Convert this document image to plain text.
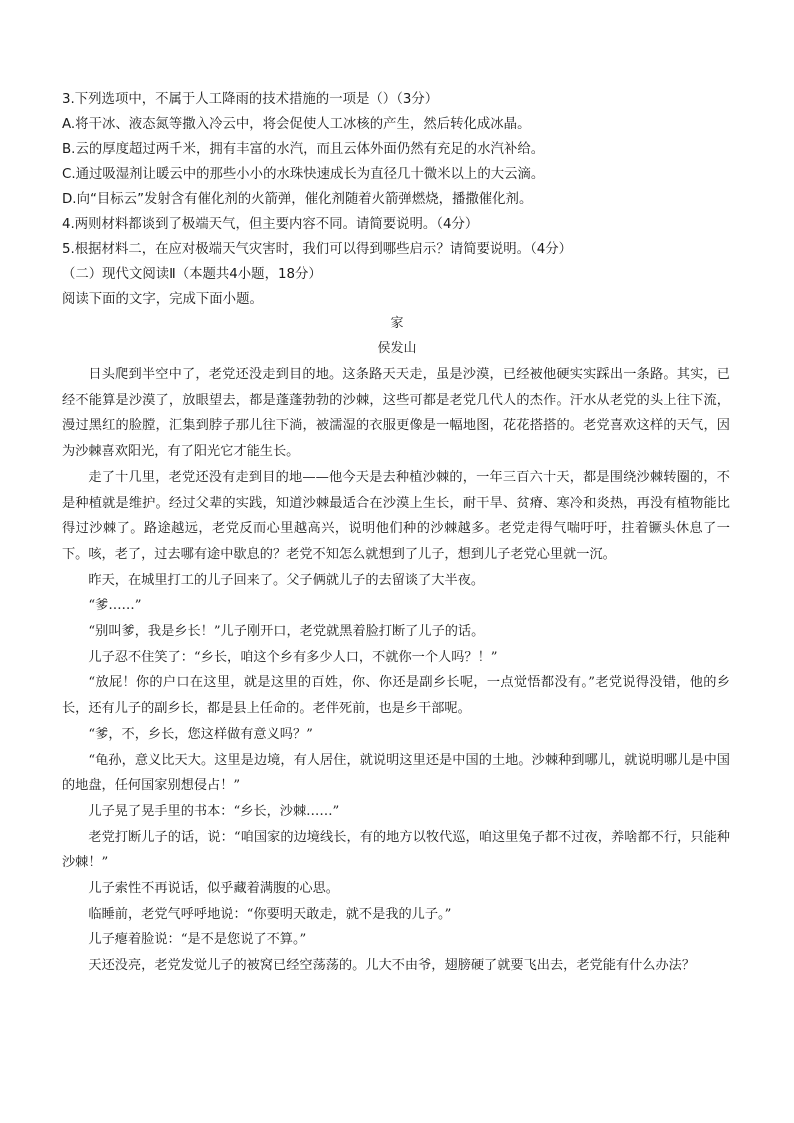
3.下列选项中，不属于人工降雨的技术措施的一项是（）（3分）
A.将干冰、液态氮等撒入冷云中，将会促使人工冰核的产生，然后转化成冰晶。
B.云的厚度超过两千米，拥有丰富的水汽，而且云体外面仍然有充足的水汽补给。
C.通过吸湿剂让暖云中的那些小小的水珠快速成长为直径几十微米以上的大云滴。
D.向“目标云”发射含有催化剂的火箭弹，催化剂随着火箭弹燃烧，播撒催化剂。
4.两则材料都谈到了极端天气，但主要内容不同。请简要说明。（4分）
5.根据材料二，在应对极端天气灾害时，我们可以得到哪些启示？请简要说明。（4分）
（二）现代文阅读Ⅱ（本题共4小题，18分）
阅读下面的文字，完成下面小题。
家
侯发山

日头爬到半空中了，老党还没走到目的地。这条路天天走，虽是沙漠，已经被他硬实实踩出一条路。其实，已经不能算是沙漠了，放眼望去，都是蓬蓬勃勃的沙棘，这些可都是老党几代人的杰作。汗水从老党的头上往下流，漫过黑红的脸膛，汇集到脖子那儿往下淌，被濡湿的衣服更像是一幅地图，花花搭搭的。老党喜欢这样的天气，因为沙棘喜欢阳光，有了阳光它才能生长。

走了十几里，老党还没有走到目的地——他今天是去种植沙棘的，一年三百六十天，都是围绕沙棘转圈的，不是种植就是维护。经过父辈的实践，知道沙棘最适合在沙漠上生长，耐干旱、贫瘠、寒冷和炎热，再没有植物能比得过沙棘了。路途越远，老党反而心里越高兴，说明他们种的沙棘越多。老党走得气喘吁吁，拄着镢头休息了一下。咳，老了，过去哪有途中歇息的？老党不知怎么就想到了儿子，想到儿子老党心里就一沉。

昨天，在城里打工的儿子回来了。父子俩就儿子的去留谈了大半夜。

“爹……”

“别叫爹，我是乡长！”儿子刚开口，老党就黑着脸打断了儿子的话。

儿子忍不住笑了：“乡长，咱这个乡有多少人口，不就你一个人吗？！”

“放屁！你的户口在这里，就是这里的百姓，你、你还是副乡长呢，一点觉悟都没有。”老党说得没错，他的乡长，还有儿子的副乡长，都是县上任命的。老伴死前，也是乡干部呢。

“爹，不，乡长，您这样做有意义吗？”

“龟孙，意义比天大。这里是边境，有人居住，就说明这里还是中国的土地。沙棘种到哪儿，就说明哪儿是中国的地盘，任何国家别想侵占！”

儿子晃了晃手里的书本：“乡长，沙棘……”

老党打断儿子的话，说：“咱国家的边境线长，有的地方以牧代巡，咱这里兔子都不过夜，养啥都不行，只能种沙棘！”

儿子索性不再说话，似乎藏着满腹的心思。

临睡前，老党气呼呼地说：“你要明天敢走，就不是我的儿子。”

儿子瘪着脸说：“是不是您说了不算。”

天还没亮，老党发觉儿子的被窝已经空荡荡的。儿大不由爷，翅膀硬了就要飞出去，老党能有什么办法？
